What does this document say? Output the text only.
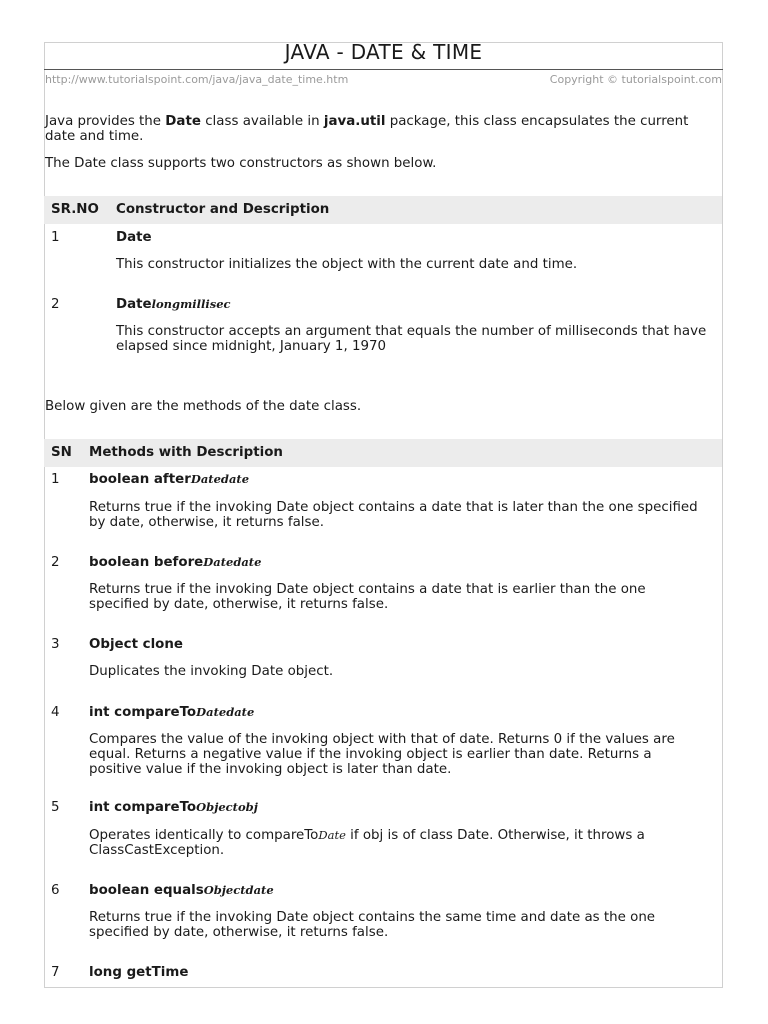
JAVA - DATE & TIME
http://www.tutorialspoint.com/java/java_date_time.htm	Copyright © tutorialspoint.com
Java provides the Date class available in java.util package, this class encapsulates the current date and time.
The Date class supports two constructors as shown below.
SR.NO Constructor and Description
1	Date
This constructor initializes the object with the current date and time.
2	Datelongmillisec
This constructor accepts an argument that equals the number of milliseconds that have elapsed since midnight, January 1, 1970
Below given are the methods of the date class.
SN Methods with Description
1 boolean afterDatedate
Returns true if the invoking Date object contains a date that is later than the one specified by date, otherwise, it returns false.
2 boolean beforeDatedate
Returns true if the invoking Date object contains a date that is earlier than the one specified by date, otherwise, it returns false.
3 Object clone
Duplicates the invoking Date object.
4 int compareToDatedate
Compares the value of the invoking object with that of date. Returns 0 if the values are equal. Returns a negative value if the invoking object is earlier than date. Returns a positive value if the invoking object is later than date.
5 int compareToObjectobj
Operates identically to compareToDate if obj is of class Date. Otherwise, it throws a ClassCastException.
6 boolean equalsObjectdate
Returns true if the invoking Date object contains the same time and date as the one specified by date, otherwise, it returns false.
7 long getTime
